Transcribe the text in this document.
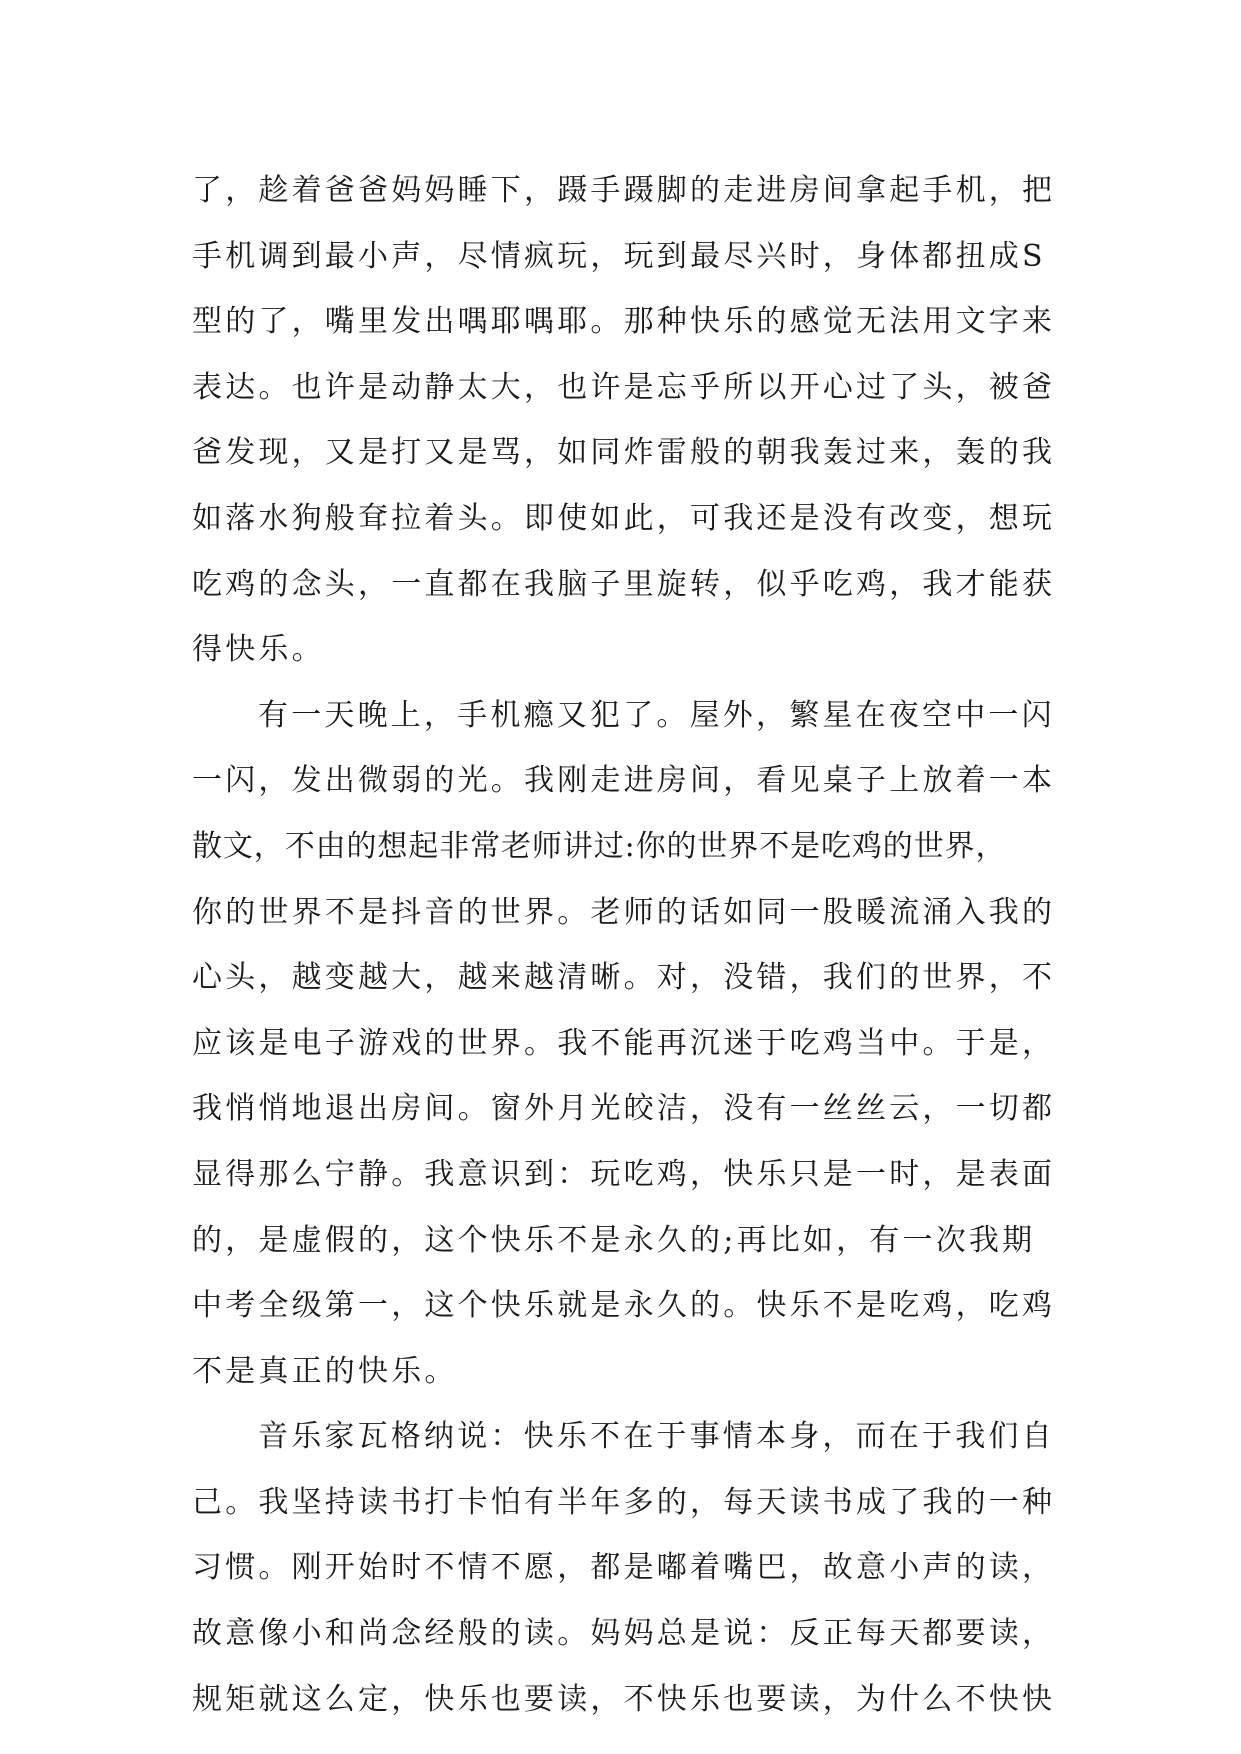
了，趁着爸爸妈妈睡下，蹑手蹑脚的走进房间拿起手机，把
手机调到最小声，尽情疯玩，玩到最尽兴时，身体都扭成S
型的了，嘴里发出喁耶喁耶。那种快乐的感觉无法用文字来
表达。也许是动静太大，也许是忘乎所以开心过了头，被爸
爸发现，又是打又是骂，如同炸雷般的朝我轰过来，轰的我
如落水狗般耷拉着头。即使如此，可我还是没有改变，想玩
吃鸡的念头，一直都在我脑子里旋转，似乎吃鸡，我才能获
得快乐。
有一天晚上，手机瘾又犯了。屋外，繁星在夜空中一闪
一闪，发出微弱的光。我刚走进房间，看见桌子上放着一本
散文，不由的想起非常老师讲过:你的世界不是吃鸡的世界，
你的世界不是抖音的世界。老师的话如同一股暖流涌入我的
心头，越变越大，越来越清晰。对，没错，我们的世界，不
应该是电子游戏的世界。我不能再沉迷于吃鸡当中。于是，
我悄悄地退出房间。窗外月光皎洁，没有一丝丝云，一切都
显得那么宁静。我意识到：玩吃鸡，快乐只是一时，是表面
的，是虚假的，这个快乐不是永久的;再比如，有一次我期
中考全级第一，这个快乐就是永久的。快乐不是吃鸡，吃鸡
不是真正的快乐。
音乐家瓦格纳说：快乐不在于事情本身，而在于我们自
己。我坚持读书打卡怕有半年多的，每天读书成了我的一种
习惯。刚开始时不情不愿，都是嘟着嘴巴，故意小声的读，
故意像小和尚念经般的读。妈妈总是说：反正每天都要读，
规矩就这么定，快乐也要读，不快乐也要读，为什么不快快
